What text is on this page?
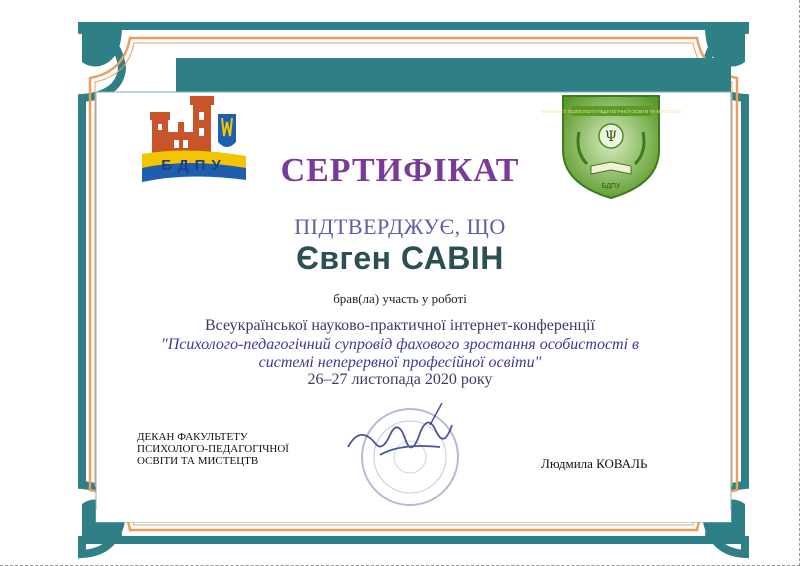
БДПУ
ФАКУЛЬТЕТ ПСИХОЛОГО-ПЕДАГОГІЧНОЇ ОСВІТИ ТА МИСТЕЦТВ
Ψ
БДПУ
СЕРТИФІКАТ
ПІДТВЕРДЖУЄ, ЩО
Євген САВІН
брав(ла) участь у роботі
Всеукраїнської науково-практичної інтернет-конференції
"Психолого-педагогічний супровід фахового зростання особистості в
системі неперервної професійної освіти"
26–27 листопада 2020 року
ДЕКАН ФАКУЛЬТЕТУ
ПСИХОЛОГО-ПЕДАГОГІЧНОЇ
ОСВІТИ ТА МИСТЕЦТВ	Людмила КОВАЛЬ
